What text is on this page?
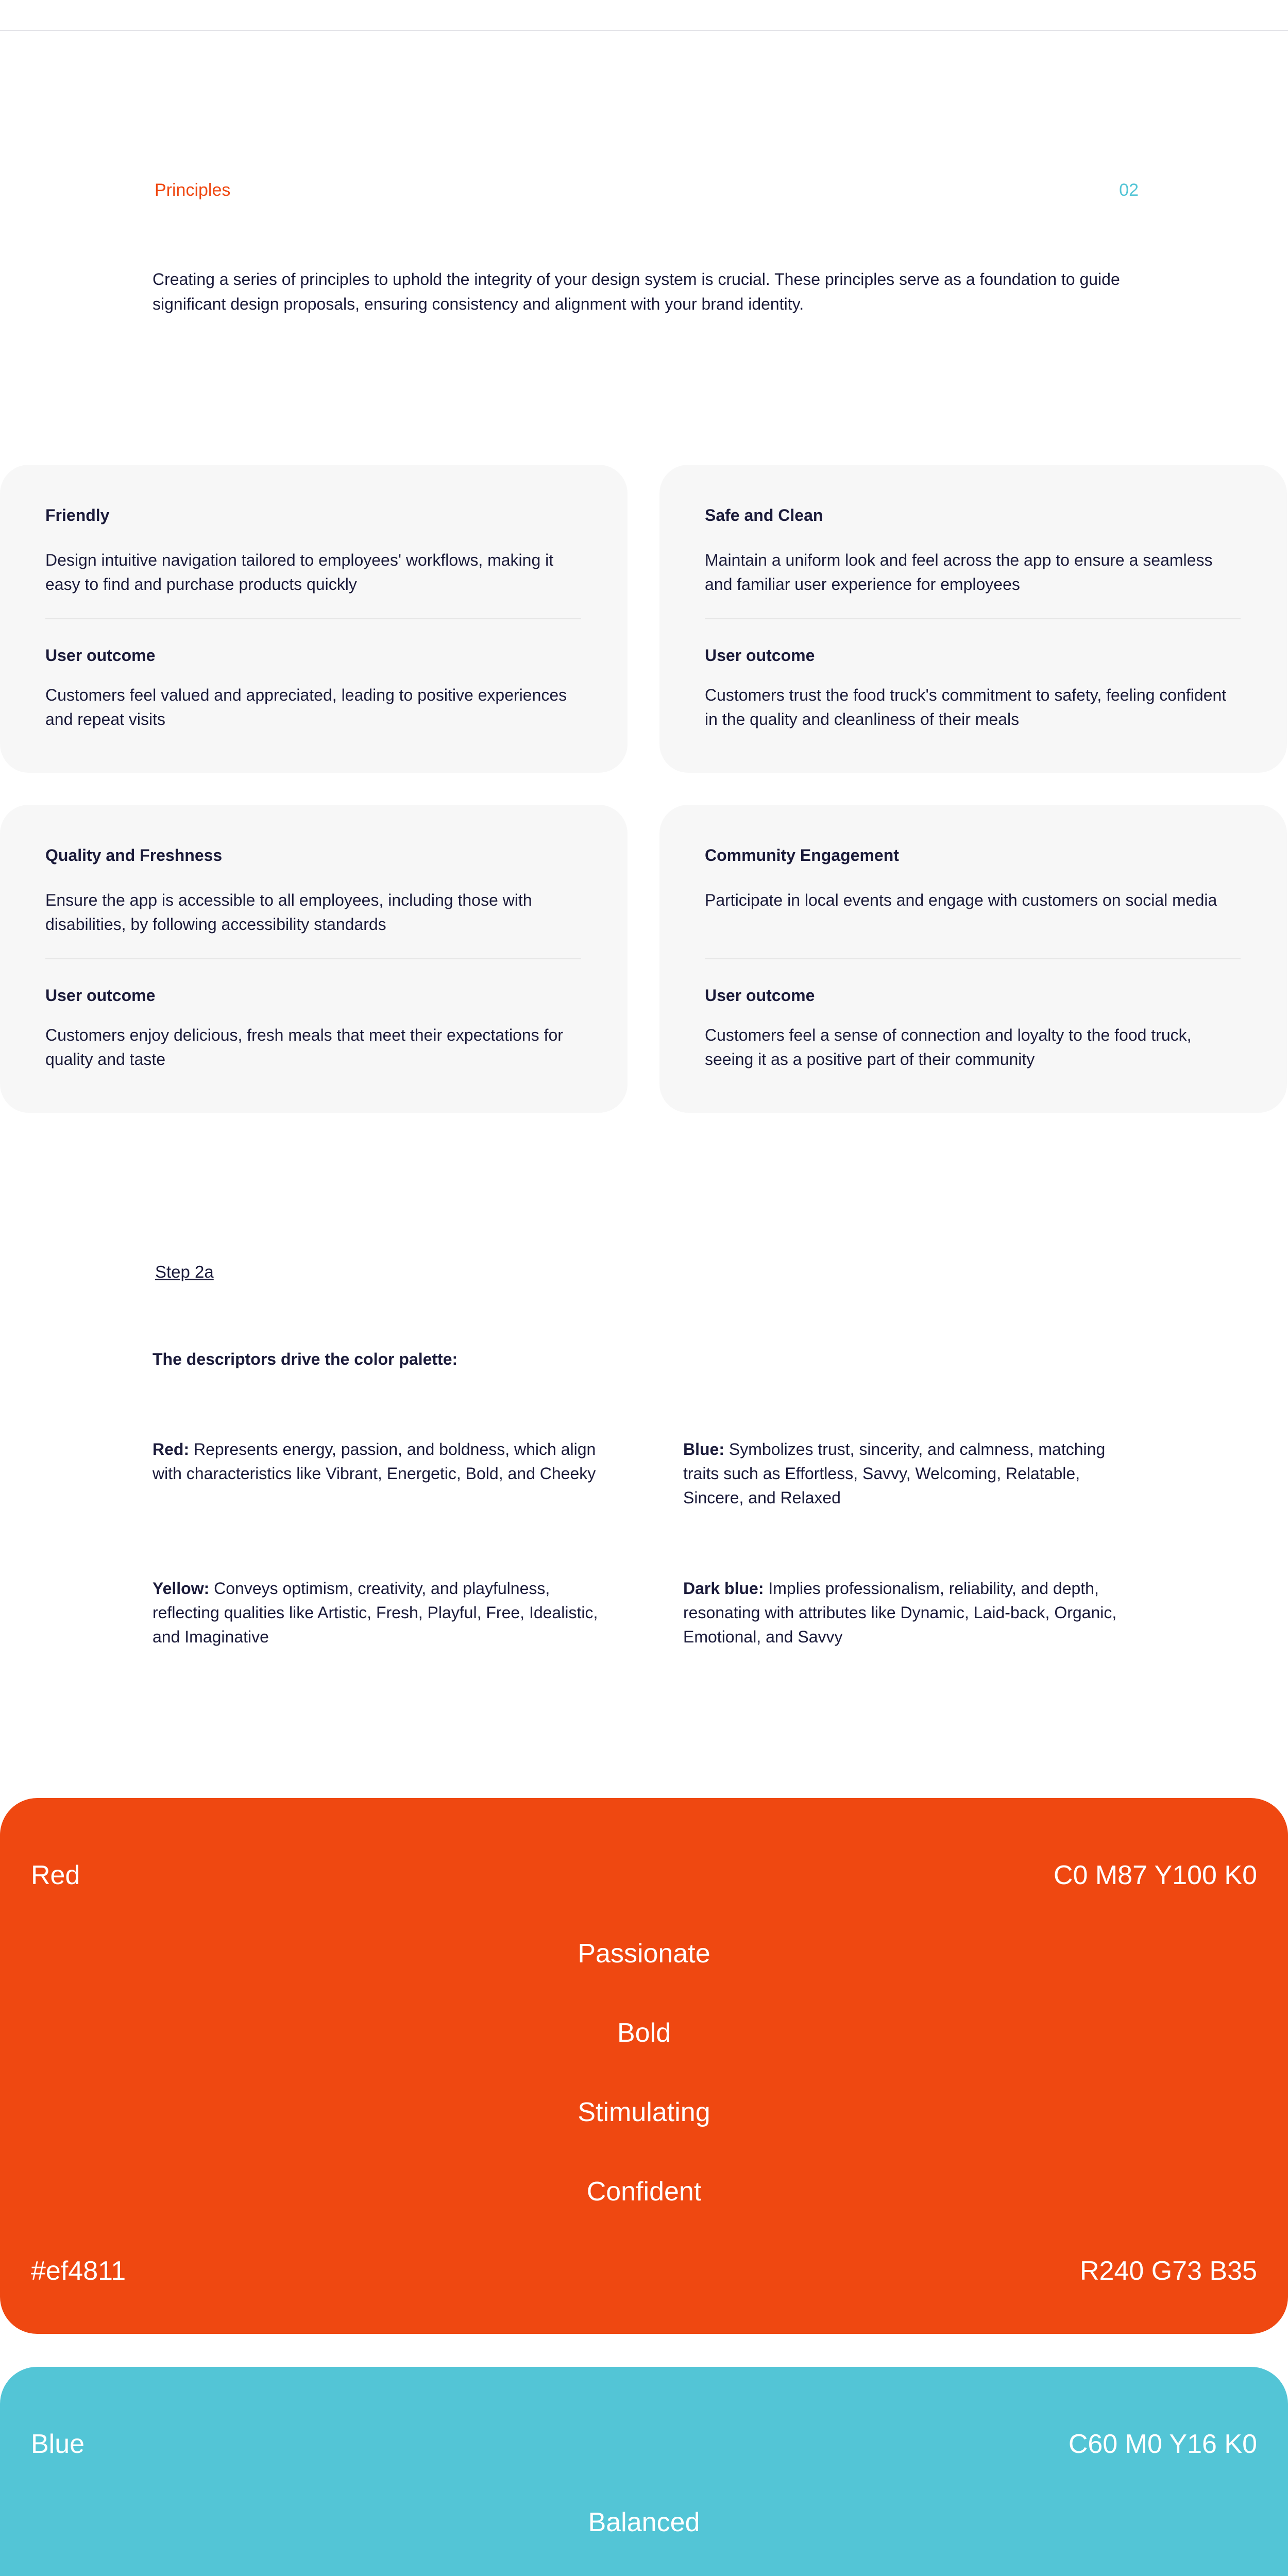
Principles	02
Creating a series of principles to uphold the integrity of your design system is crucial. These principles serve as a foundation to guide significant design proposals, ensuring consistency and alignment with your brand identity.
Friendly
Design intuitive navigation tailored to employees' workflows, making it easy to find and purchase products quickly
User outcome
Customers feel valued and appreciated, leading to positive experiences and repeat visits
Safe and Clean
Maintain a uniform look and feel across the app to ensure a seamless and familiar user experience for employees
User outcome
Customers trust the food truck's commitment to safety, feeling confident in the quality and cleanliness of their meals
Quality and Freshness
Ensure the app is accessible to all employees, including those with disabilities, by following accessibility standards
User outcome
Customers enjoy delicious, fresh meals that meet their expectations for quality and taste
Community Engagement
Participate in local events and engage with customers on social media
User outcome
Customers feel a sense of connection and loyalty to the food truck, seeing it as a positive part of their community
Step 2a
The descriptors drive the color palette:
Red: Represents energy, passion, and boldness, which align with characteristics like Vibrant, Energetic, Bold, and Cheeky
Blue: Symbolizes trust, sincerity, and calmness, matching traits such as Effortless, Savvy, Welcoming, Relatable, Sincere, and Relaxed
Yellow: Conveys optimism, creativity, and playfulness, reflecting qualities like Artistic, Fresh, Playful, Free, Idealistic, and Imaginative
Dark blue: Implies professionalism, reliability, and depth, resonating with attributes like Dynamic, Laid-back, Organic, Emotional, and Savvy
Red	C0 M87 Y100 K0
Passionate
Bold
Stimulating
Confident
#ef4811	R240 G73 B35
Blue	C60 M0 Y16 K0
Balanced
